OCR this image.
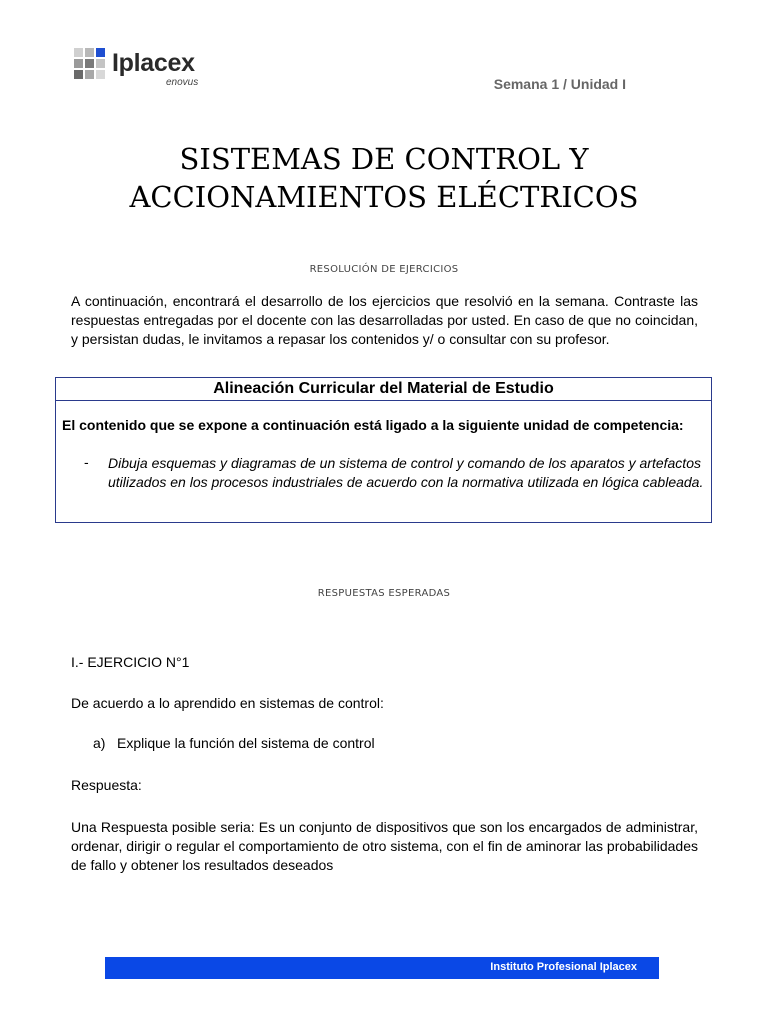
Iplacex
enovus	Semana 1 / Unidad I
SISTEMAS DE CONTROL Y
ACCIONAMIENTOS ELÉCTRICOS
RESOLUCIÓN DE EJERCICIOS
A continuación, encontrará el desarrollo de los ejercicios que resolvió en la semana. Contraste las respuestas entregadas por el docente con las desarrolladas por usted. En caso de que no coincidan, y persistan dudas, le invitamos a repasar los contenidos y/ o consultar con su profesor.
Alineación Curricular del Material de Estudio
El contenido que se expone a continuación está ligado a la siguiente unidad de competencia:
- Dibuja esquemas y diagramas de un sistema de control y comando de los aparatos y artefactos utilizados en los procesos industriales de acuerdo con la normativa utilizada en lógica cableada.
RESPUESTAS ESPERADAS
I.- EJERCICIO N°1
De acuerdo a lo aprendido en sistemas de control:
a) Explique la función del sistema de control
Respuesta:
Una Respuesta posible seria: Es un conjunto de dispositivos que son los encargados de administrar, ordenar, dirigir o regular el comportamiento de otro sistema, con el fin de aminorar las probabilidades de fallo y obtener los resultados deseados
Instituto Profesional Iplacex
